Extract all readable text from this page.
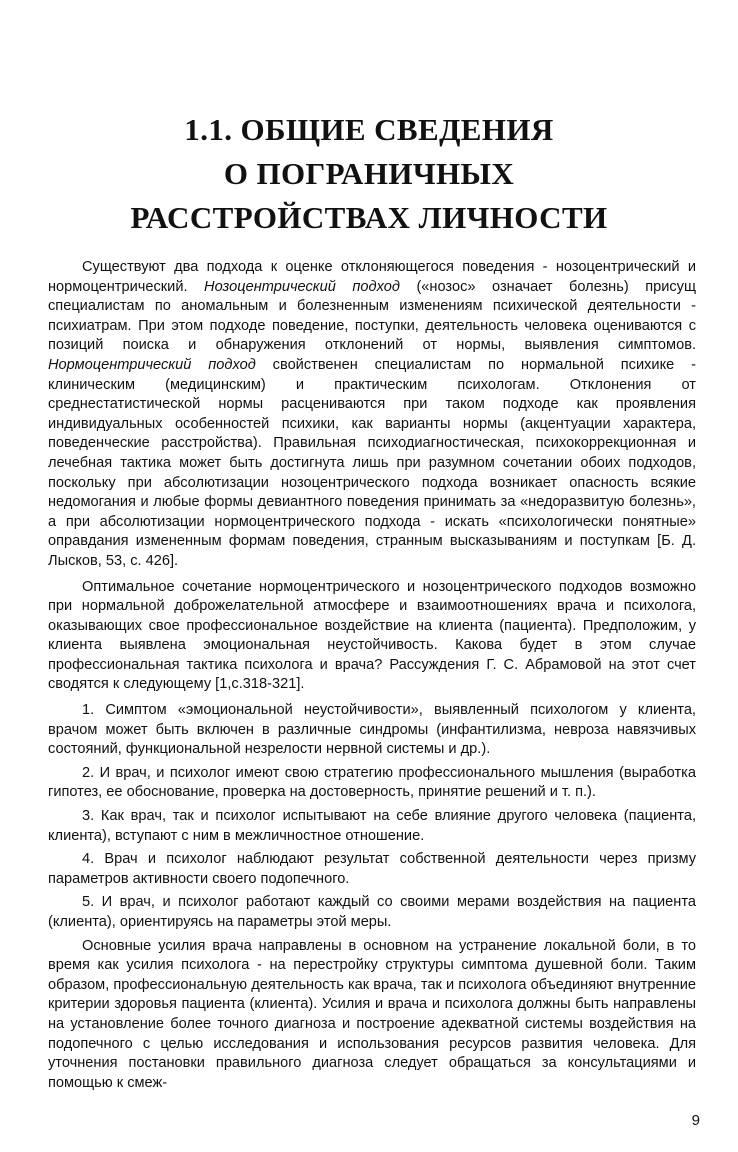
1.1. ОБЩИЕ СВЕДЕНИЯ
О ПОГРАНИЧНЫХ
РАССТРОЙСТВАХ ЛИЧНОСТИ

Существуют два подхода к оценке отклоняющегося поведения - нозоцентрический и нормоцентрический. Нозоцентрический подход («нозос» означает болезнь) присущ специалистам по аномальным и болезненным изменениям психической деятельности - психиатрам. При этом подходе поведение, поступки, деятельность человека оцениваются с позиций поиска и обнаружения отклонений от нормы, выявления симптомов. Нормоцентрический подход свойственен специалистам по нормальной психике - клиническим (медицинским) и практическим психологам. Отклонения от среднестатистической нормы расцениваются при таком подходе как проявления индивидуальных особенностей психики, как варианты нормы (акцентуации характера, поведенческие расстройства). Правильная психодиагностическая, психокоррекционная и лечебная тактика может быть достигнута лишь при разумном сочетании обоих подходов, поскольку при абсолютизации нозоцентрического подхода возникает опасность всякие недомогания и любые формы девиантного поведения принимать за «недоразвитую болезнь», а при абсолютизации нормоцентрического подхода - искать «психологически понятные» оправдания измененным формам поведения, странным высказываниям и поступкам [Б. Д. Лысков, 53, с. 426].

Оптимальное сочетание нормоцентрического и нозоцентрического подходов возможно при нормальной доброжелательной атмосфере и взаимоотношениях врача и психолога, оказывающих свое профессиональное воздействие на клиента (пациента). Предположим, у клиента выявлена эмоциональная неустойчивость. Какова будет в этом случае профессиональная тактика психолога и врача? Рассуждения Г. С. Абрамовой на этот счет сводятся к следующему [1,с.318-321].

1. Симптом «эмоциональной неустойчивости», выявленный психологом у клиента, врачом может быть включен в различные синдромы (инфантилизма, невроза навязчивых состояний, функциональной незрелости нервной системы и др.).

2. И врач, и психолог имеют свою стратегию профессионального мышления (выработка гипотез, ее обоснование, проверка на достоверность, принятие решений и т. п.).

3. Как врач, так и психолог испытывают на себе влияние другого человека (пациента, клиента), вступают с ним в межличностное отношение.

4. Врач и психолог наблюдают результат собственной деятельности через призму параметров активности своего подопечного.

5. И врач, и психолог работают каждый со своими мерами воздействия на пациента (клиента), ориентируясь на параметры этой меры.

Основные усилия врача направлены в основном на устранение локальной боли, в то время как усилия психолога - на перестройку структуры симптома душевной боли. Таким образом, профессиональную деятельность как врача, так и психолога объединяют внутренние критерии здоровья пациента (клиента). Усилия и врача и психолога должны быть направлены на установление более точного диагноза и построение адекватной системы воздействия на подопечного с целью исследования и использования ресурсов развития человека. Для уточнения постановки правильного диагноза следует обращаться за консультациями и помощью к смеж-

9
